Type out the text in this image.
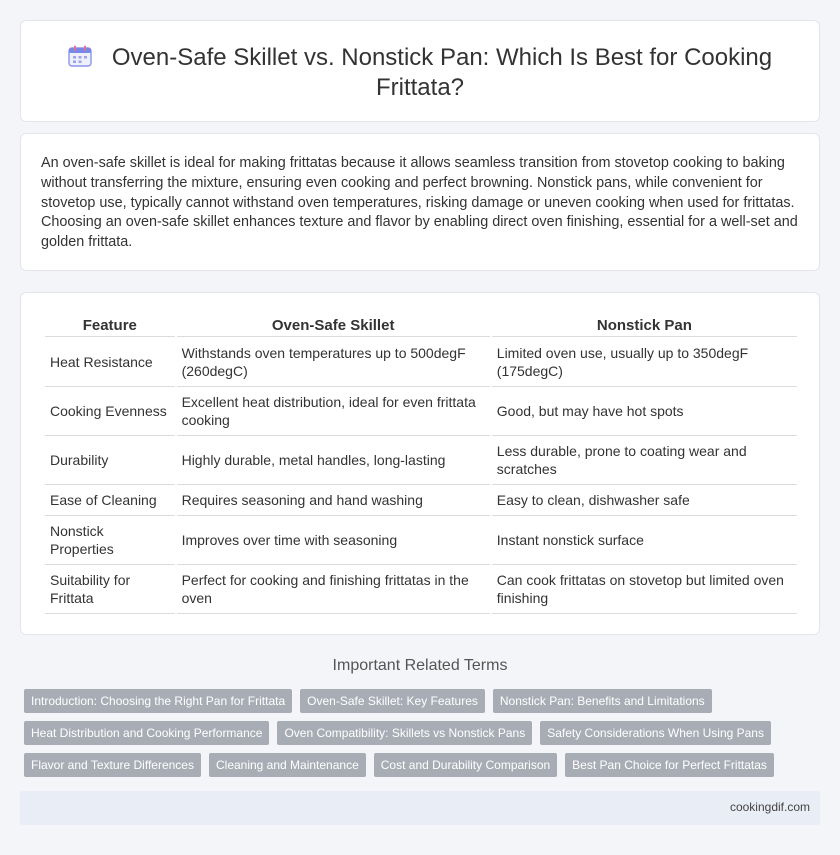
Oven-Safe Skillet vs. Nonstick Pan: Which Is Best for Cooking
Frittata?

An oven-safe skillet is ideal for making frittatas because it allows seamless transition from stovetop cooking to baking without transferring the mixture, ensuring even cooking and perfect browning. Nonstick pans, while convenient for stovetop use, typically cannot withstand oven temperatures, risking damage or uneven cooking when used for frittatas. Choosing an oven-safe skillet enhances texture and flavor by enabling direct oven finishing, essential for a well-set and golden frittata.

Feature	Oven-Safe Skillet	Nonstick Pan
Heat Resistance	Withstands oven temperatures up to 500degF (260degC)	Limited oven use, usually up to 350degF (175degC)
Cooking Evenness	Excellent heat distribution, ideal for even frittata cooking	Good, but may have hot spots
Durability	Highly durable, metal handles, long-lasting	Less durable, prone to coating wear and scratches
Ease of Cleaning	Requires seasoning and hand washing	Easy to clean, dishwasher safe
Nonstick Properties	Improves over time with seasoning	Instant nonstick surface
Suitability for Frittata	Perfect for cooking and finishing frittatas in the oven	Can cook frittatas on stovetop but limited oven finishing
Important Related Terms
Introduction: Choosing the Right Pan for Frittata	Oven-Safe Skillet: Key Features	Nonstick Pan: Benefits and Limitations
Heat Distribution and Cooking Performance	Oven Compatibility: Skillets vs Nonstick Pans	Safety Considerations When Using Pans
Flavor and Texture Differences	Cleaning and Maintenance	Cost and Durability Comparison	Best Pan Choice for Perfect Frittatas
cookingdif.com
